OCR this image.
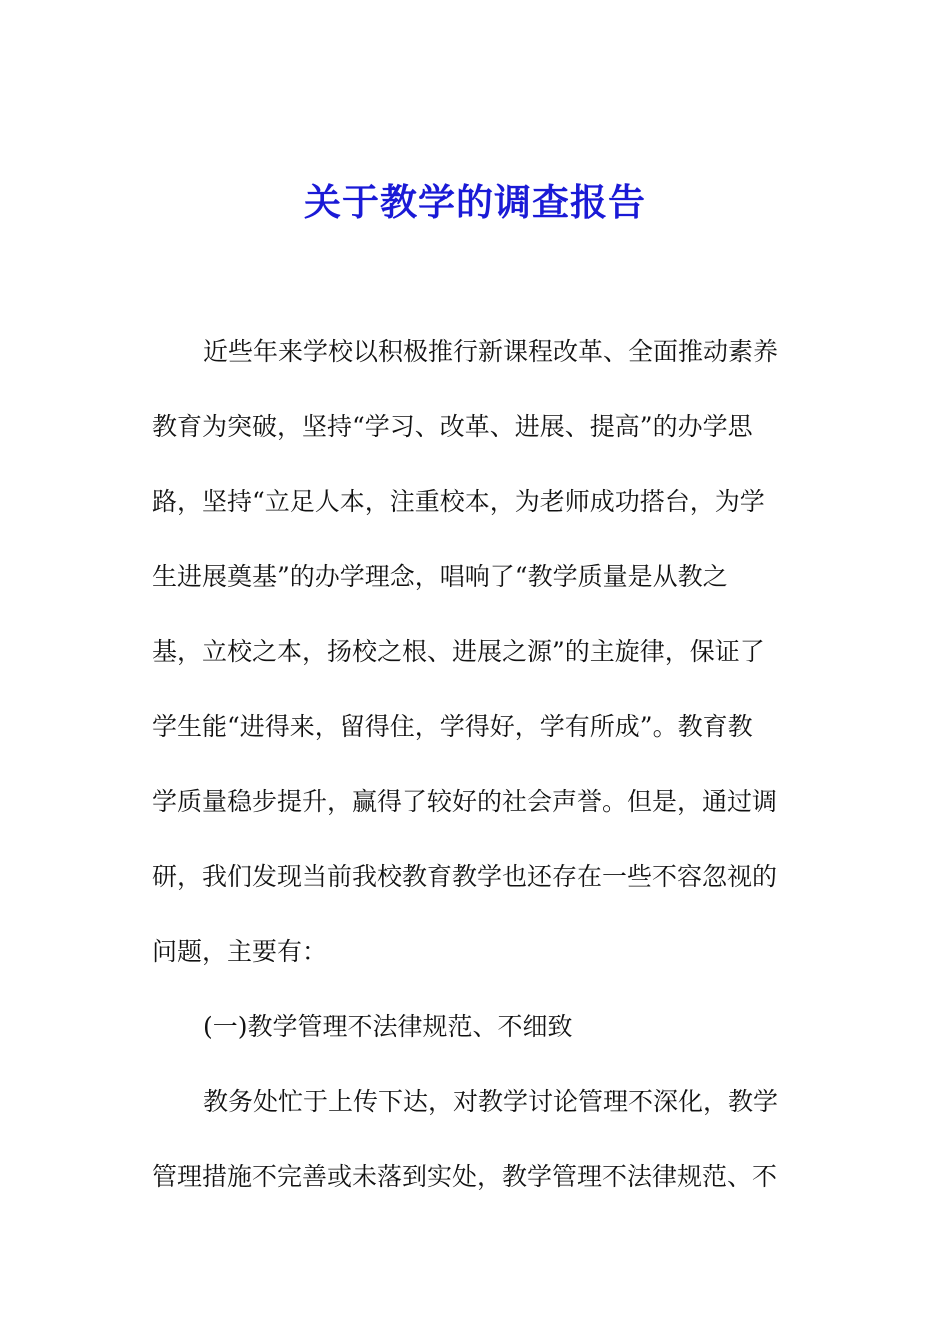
关于教学的调查报告
近些年来学校以积极推行新课程改革、全面推动素养
教育为突破，坚持“学习、改革、进展、提高”的办学思
路，坚持“立足人本，注重校本，为老师成功搭台，为学
生进展奠基”的办学理念，唱响了“教学质量是从教之
基，立校之本，扬校之根、进展之源”的主旋律，保证了
学生能“进得来，留得住，学得好，学有所成”。教育教
学质量稳步提升，赢得了较好的社会声誉。但是，通过调
研，我们发现当前我校教育教学也还存在一些不容忽视的
问题，主要有：
(一)教学管理不法律规范、不细致
教务处忙于上传下达，对教学讨论管理不深化，教学
管理措施不完善或未落到实处，教学管理不法律规范、不
